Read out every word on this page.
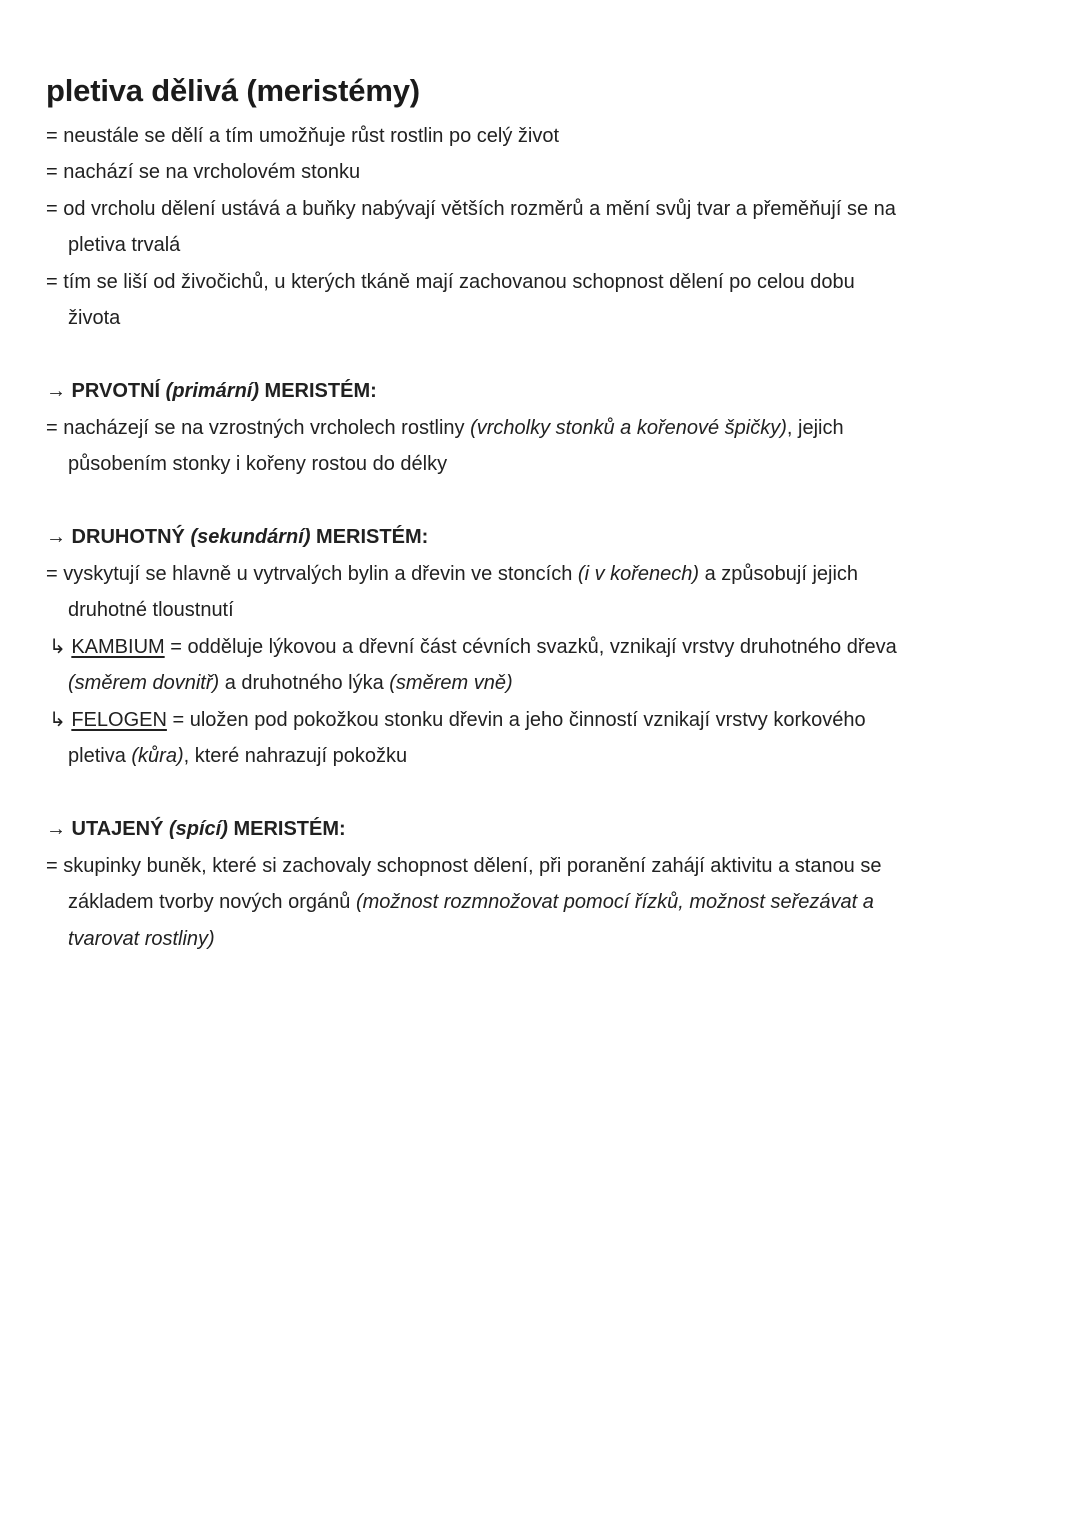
pletiva dělivá (meristémy)
= neustále se dělí a tím umožňuje růst rostlin po celý život
= nachází se na vrcholovém stonku
= od vrcholu dělení ustává a buňky nabývají větších rozměrů a mění svůj tvar a přeměňují se na
pletiva trvalá
= tím se liší od živočichů, u kterých tkáně mají zachovanou schopnost dělení po celou dobu
života
→ PRVOTNÍ (primární) MERISTÉM:
= nacházejí se na vzrostných vrcholech rostliny (vrcholky stonků a kořenové špičky), jejich
působením stonky i kořeny rostou do délky
→ DRUHOTNÝ (sekundární) MERISTÉM:
= vyskytují se hlavně u vytrvalých bylin a dřevin ve stoncích (i v kořenech) a způsobují jejich
druhotné tloustnutí
↳ KAMBIUM = odděluje lýkovou a dřevní část cévních svazků, vznikají vrstvy druhotného dřeva
(směrem dovnitř) a druhotného lýka (směrem vně)
↳ FELOGEN = uložen pod pokožkou stonku dřevin a jeho činností vznikají vrstvy korkového
pletiva (kůra), které nahrazují pokožku
→ UTAJENÝ (spící) MERISTÉM:
= skupinky buněk, které si zachovaly schopnost dělení, při poranění zahájí aktivitu a stanou se
základem tvorby nových orgánů (možnost rozmnožovat pomocí řízků, možnost seřezávat a
tvarovat rostliny)
